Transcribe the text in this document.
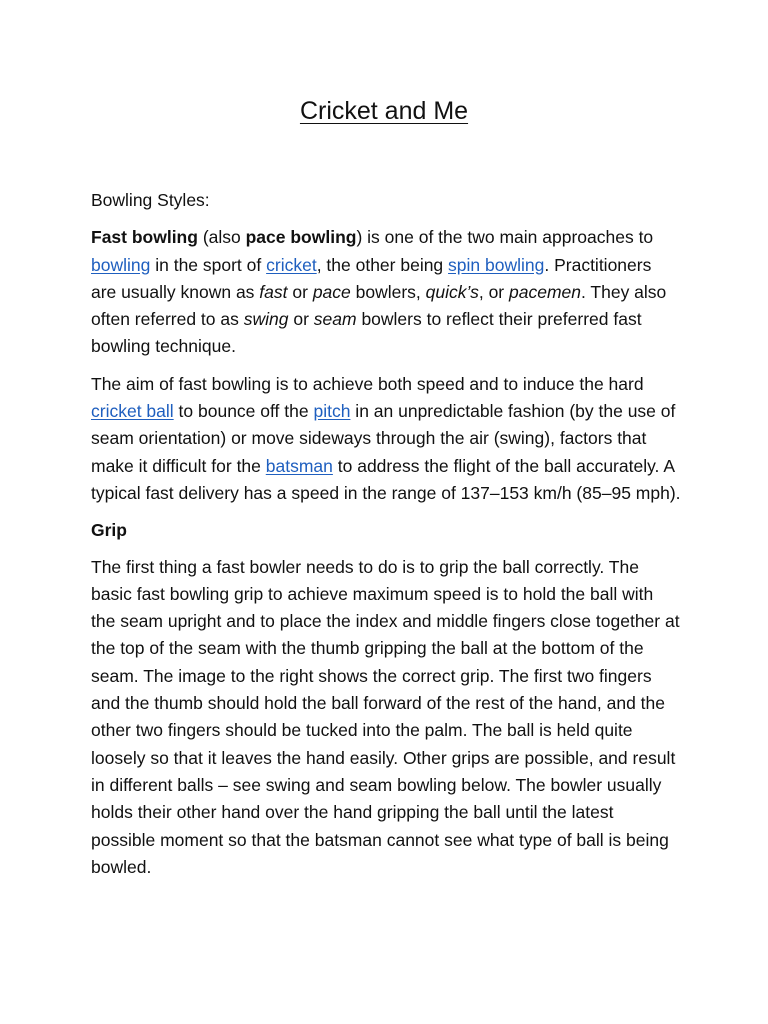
Cricket and Me

Bowling Styles:

Fast bowling (also pace bowling) is one of the two main approaches to bowling in the sport of cricket, the other being spin bowling. Practitioners are usually known as fast or pace bowlers, quick’s, or pacemen. They also often referred to as swing or seam bowlers to reflect their preferred fast bowling technique.

The aim of fast bowling is to achieve both speed and to induce the hard cricket ball to bounce off the pitch in an unpredictable fashion (by the use of seam orientation) or move sideways through the air (swing), factors that make it difficult for the batsman to address the flight of the ball accurately. A typical fast delivery has a speed in the range of 137–153 km/h (85–95 mph).

Grip

The first thing a fast bowler needs to do is to grip the ball correctly. The basic fast bowling grip to achieve maximum speed is to hold the ball with the seam upright and to place the index and middle fingers close together at the top of the seam with the thumb gripping the ball at the bottom of the seam. The image to the right shows the correct grip. The first two fingers and the thumb should hold the ball forward of the rest of the hand, and the other two fingers should be tucked into the palm. The ball is held quite loosely so that it leaves the hand easily. Other grips are possible, and result in different balls – see swing and seam bowling below. The bowler usually holds their other hand over the hand gripping the ball until the latest possible moment so that the batsman cannot see what type of ball is being bowled.
